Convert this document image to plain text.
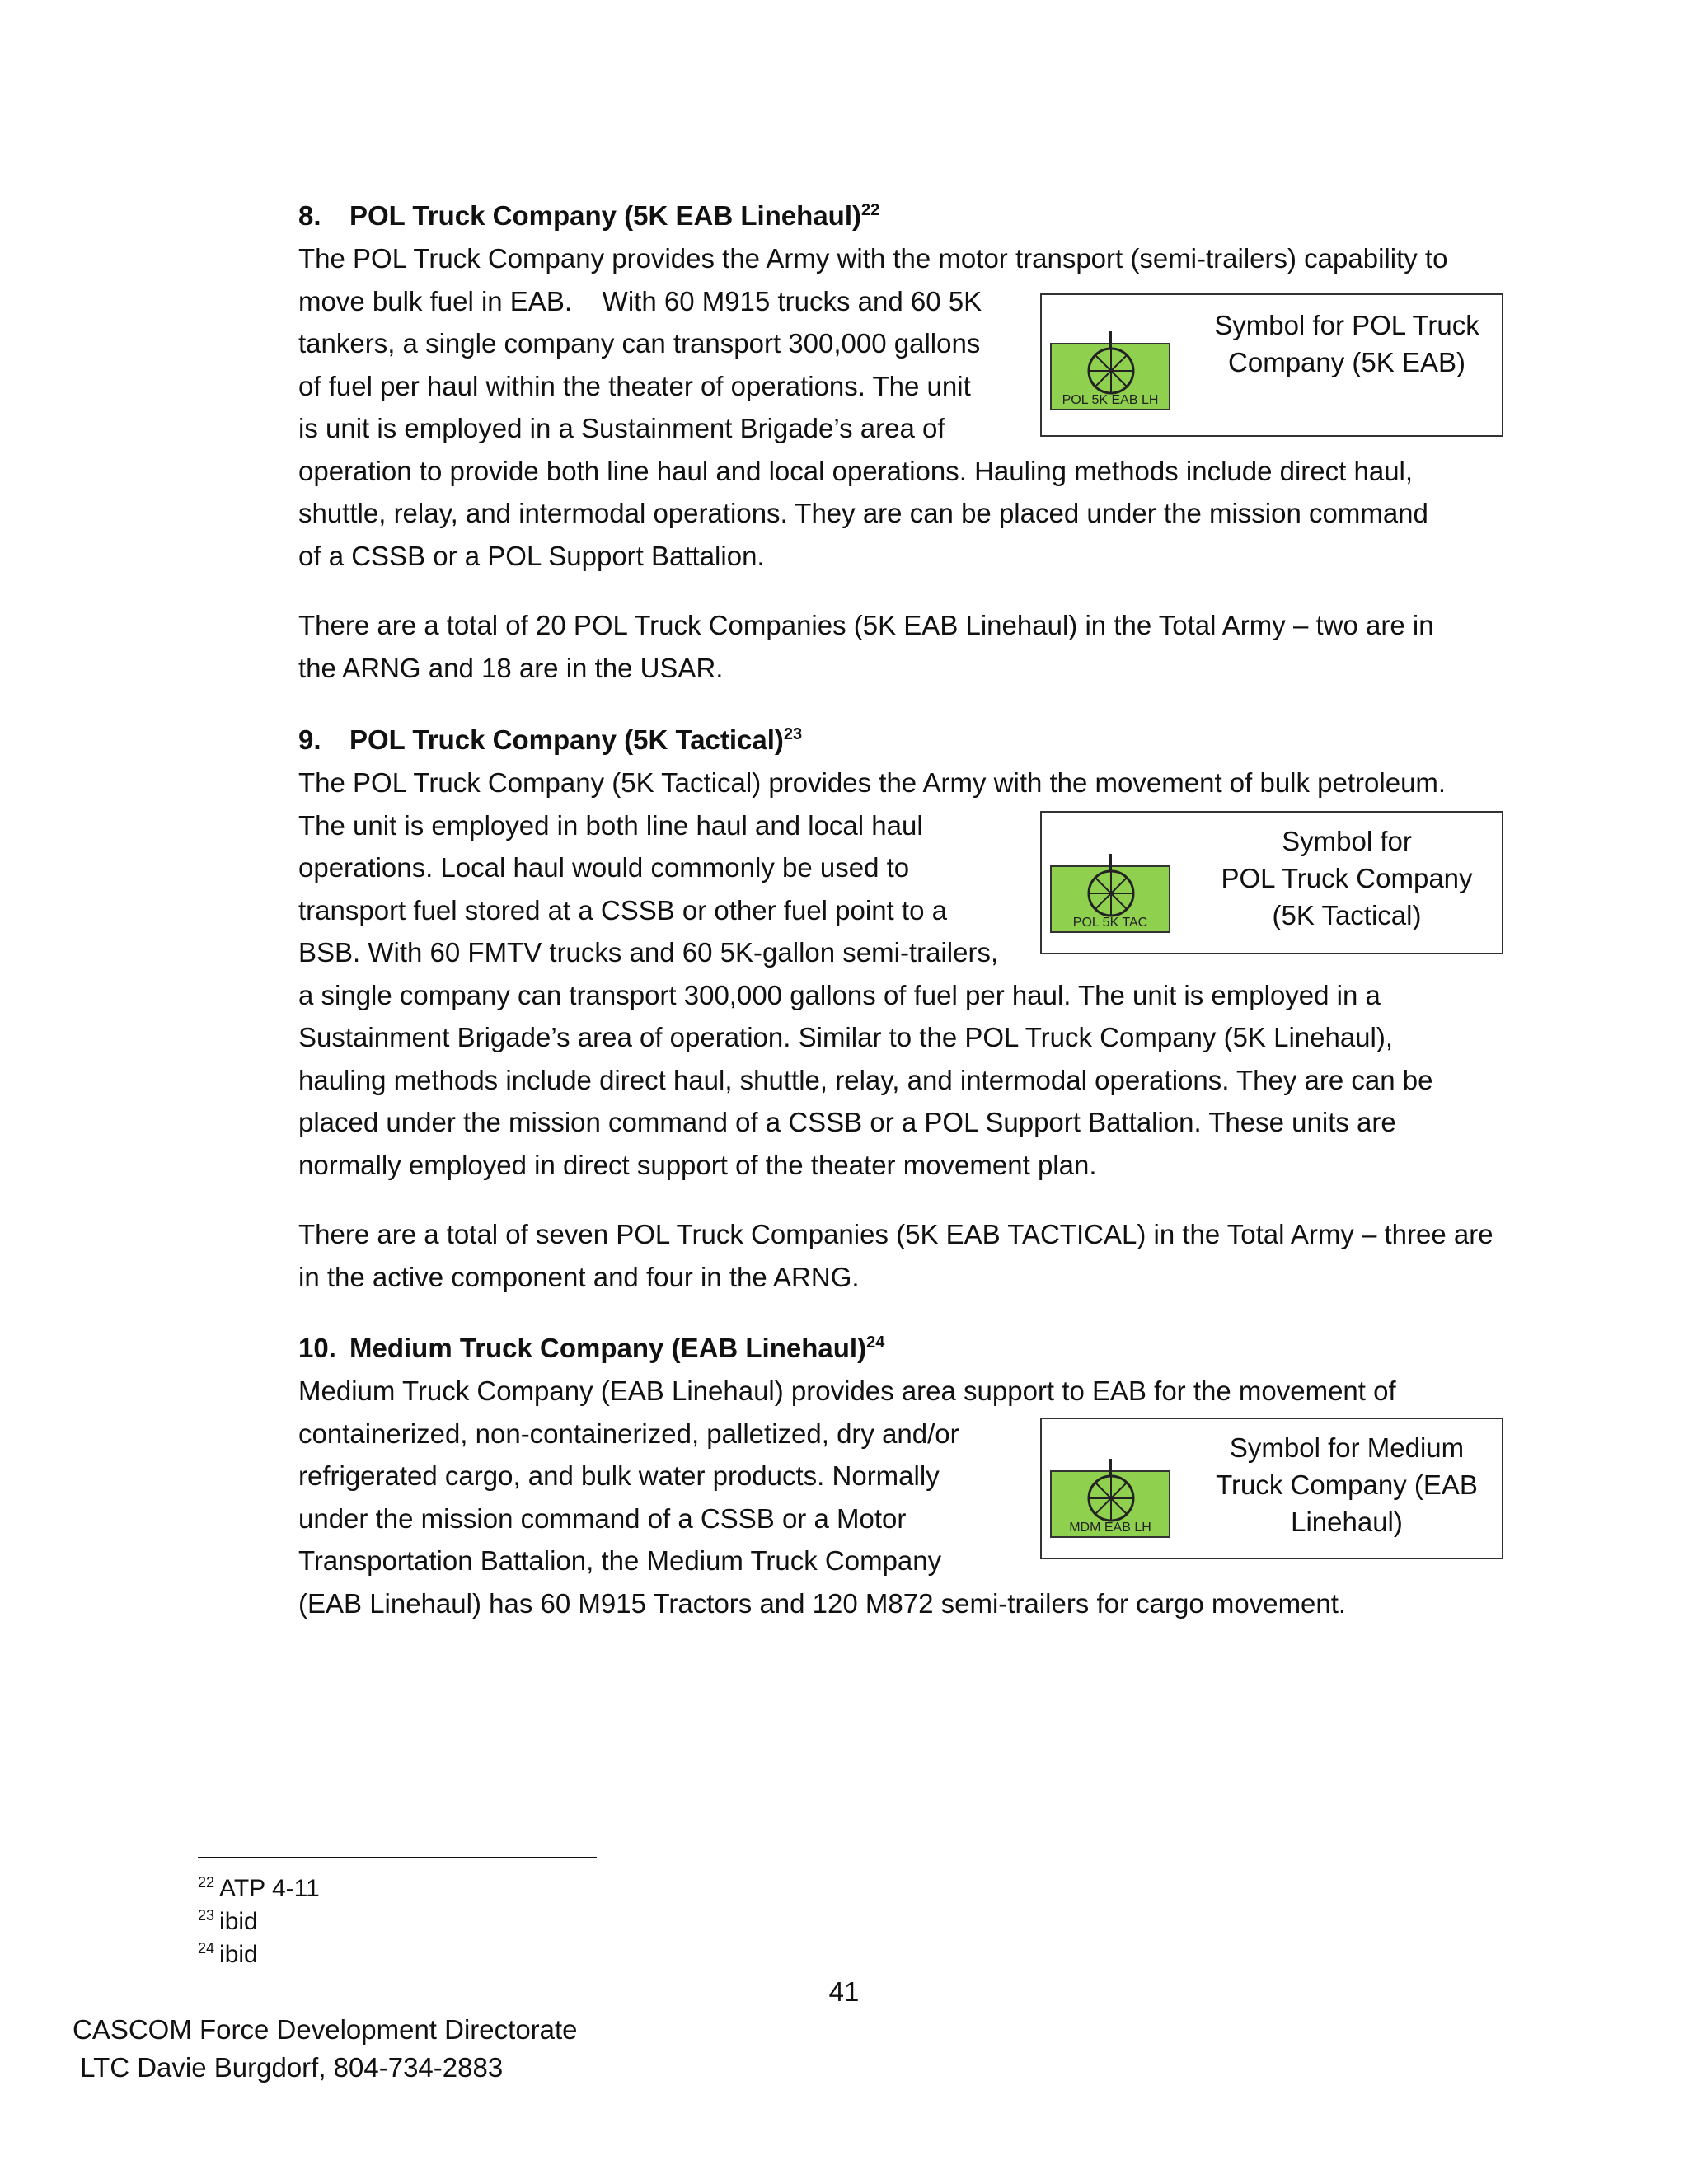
8. POL Truck Company (5K EAB Linehaul)$^{22}$

The POL Truck Company provides the Army with the motor transport (semi-trailers) capability to

move bulk fuel in EAB.    With 60 M915 trucks and 60 5K

tankers, a single company can transport 300,000 gallons

of fuel per haul within the theater of operations. The unit

is unit is employed in a Sustainment Brigade’s area of

operation to provide both line haul and local operations. Hauling methods include direct haul,

shuttle, relay, and intermodal operations. They are can be placed under the mission command

of a CSSB or a POL Support Battalion.

There are a total of 20 POL Truck Companies (5K EAB Linehaul) in the Total Army – two are in

the ARNG and 18 are in the USAR.

POL 5K EAB LH
Symbol for POL Truck
Company (5K EAB)

9. POL Truck Company (5K Tactical)$^{23}$

The POL Truck Company (5K Tactical) provides the Army with the movement of bulk petroleum.

The unit is employed in both line haul and local haul

operations. Local haul would commonly be used to

transport fuel stored at a CSSB or other fuel point to a

BSB. With 60 FMTV trucks and 60 5K-gallon semi-trailers,

a single company can transport 300,000 gallons of fuel per haul. The unit is employed in a

Sustainment Brigade’s area of operation. Similar to the POL Truck Company (5K Linehaul),

hauling methods include direct haul, shuttle, relay, and intermodal operations. They are can be

placed under the mission command of a CSSB or a POL Support Battalion. These units are

normally employed in direct support of the theater movement plan.

There are a total of seven POL Truck Companies (5K EAB TACTICAL) in the Total Army – three are

in the active component and four in the ARNG.

POL 5K TAC
Symbol for
POL Truck Company
(5K Tactical)

10. Medium Truck Company (EAB Linehaul)$^{24}$

Medium Truck Company (EAB Linehaul) provides area support to EAB for the movement of

containerized, non-containerized, palletized, dry and/or

refrigerated cargo, and bulk water products. Normally

under the mission command of a CSSB or a Motor

Transportation Battalion, the Medium Truck Company

(EAB Linehaul) has 60 M915 Tractors and 120 M872 semi-trailers for cargo movement.

MDM EAB LH
Symbol for Medium
Truck Company (EAB
Linehaul)
$^{22}$ ATP 4-11
$^{23}$ ibid
$^{24}$ ibid
41
CASCOM Force Development Directorate
LTC Davie Burgdorf, 804-734-2883
